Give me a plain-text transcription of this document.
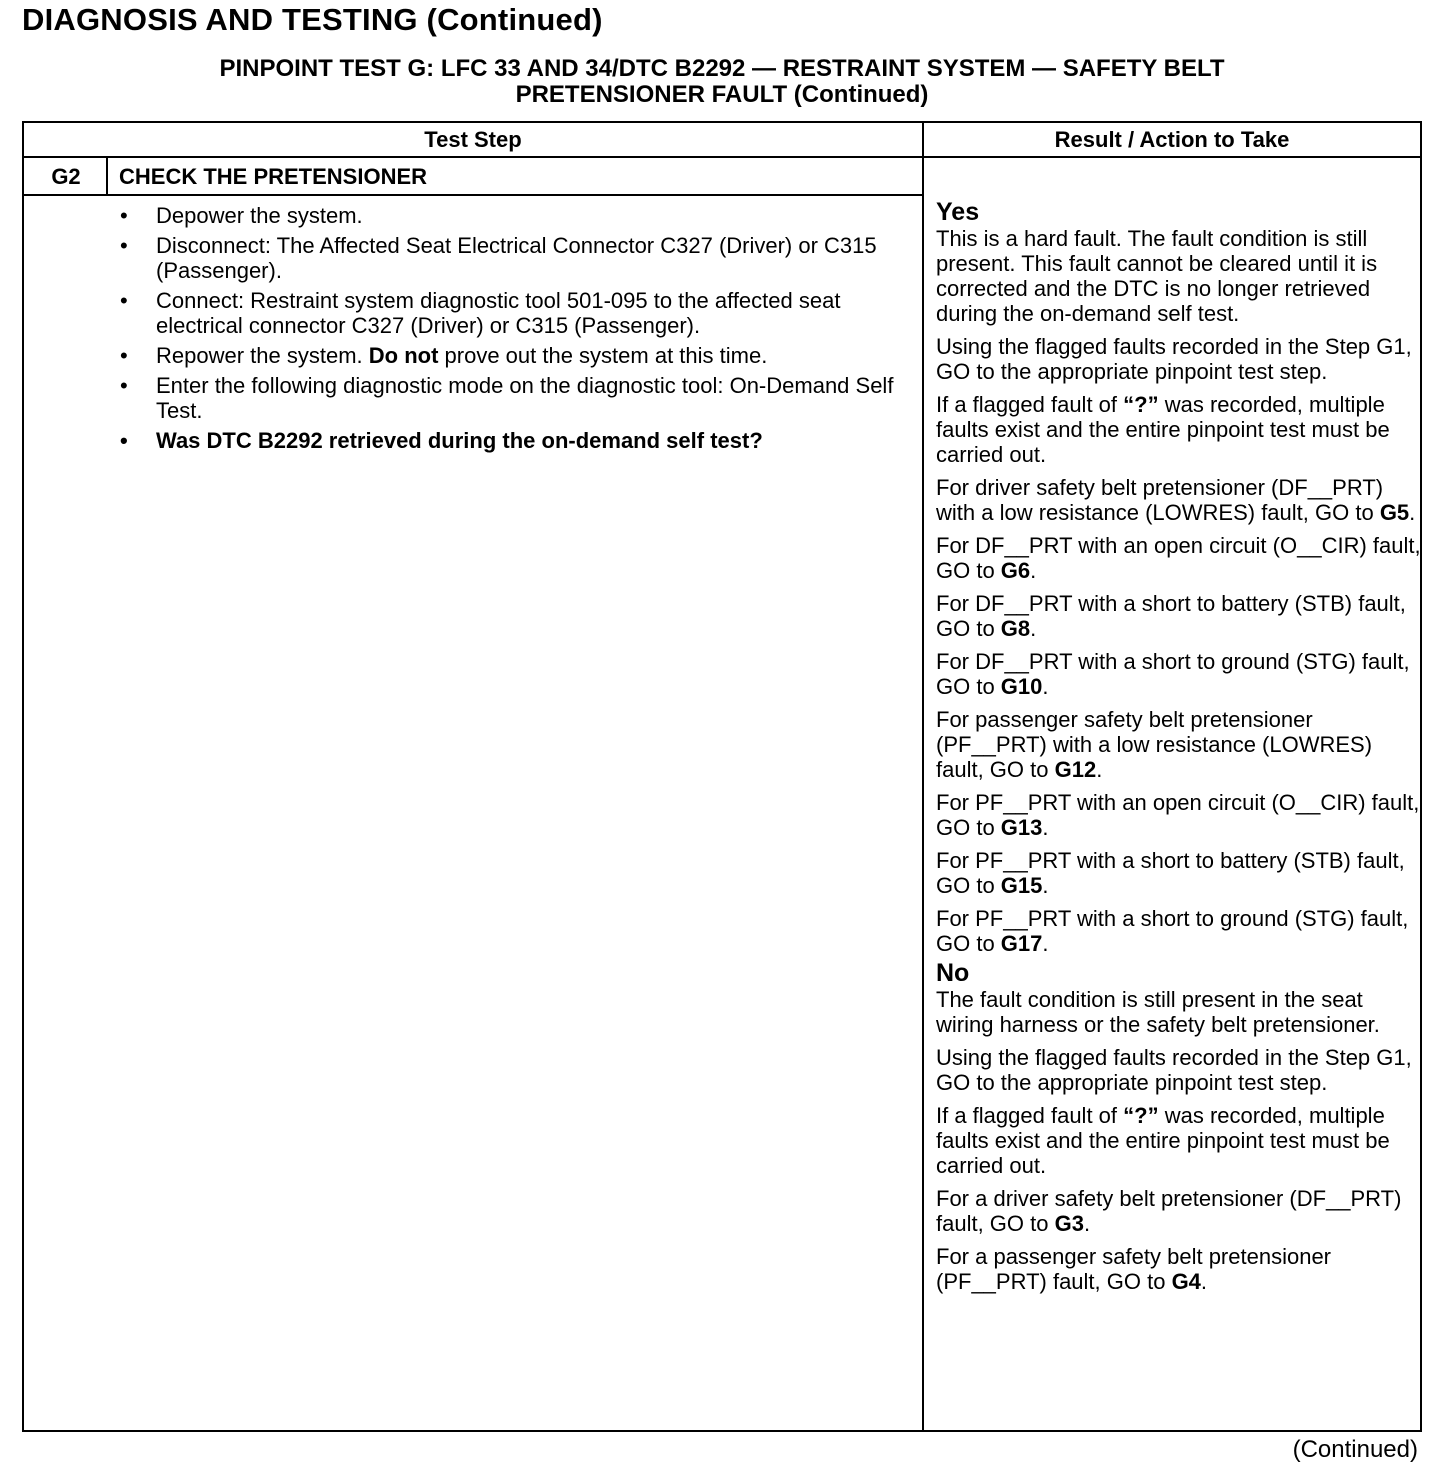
DIAGNOSIS AND TESTING (Continued)
PINPOINT TEST G: LFC 33 AND 34/DTC B2292 — RESTRAINT SYSTEM — SAFETY BELT
PRETENSIONER FAULT (Continued)
Test Step	Result / Action to Take
G2	CHECK THE PRETENSIONER
• Depower the system.
• Disconnect: The Affected Seat Electrical Connector C327 (Driver) or C315 (Passenger).
• Connect: Restraint system diagnostic tool 501-095 to the affected seat electrical connector C327 (Driver) or C315 (Passenger).
• Repower the system. Do not prove out the system at this time.
• Enter the following diagnostic mode on the diagnostic tool: On-Demand Self Test.
• Was DTC B2292 retrieved during the on-demand self test?
Yes

This is a hard fault. The fault condition is still present. This fault cannot be cleared until it is corrected and the DTC is no longer retrieved during the on-demand self test.

Using the flagged faults recorded in the Step G1, GO to the appropriate pinpoint test step.

If a flagged fault of “?” was recorded, multiple faults exist and the entire pinpoint test must be carried out.

For driver safety belt pretensioner (DF__PRT) with a low resistance (LOWRES) fault, GO to G5.

For DF__PRT with an open circuit (O__CIR) fault, GO to G6.

For DF__PRT with a short to battery (STB) fault, GO to G8.

For DF__PRT with a short to ground (STG) fault, GO to G10.

For passenger safety belt pretensioner (PF__PRT) with a low resistance (LOWRES) fault, GO to G12.

For PF__PRT with an open circuit (O__CIR) fault, GO to G13.

For PF__PRT with a short to battery (STB) fault, GO to G15.

For PF__PRT with a short to ground (STG) fault, GO to G17.

No

The fault condition is still present in the seat wiring harness or the safety belt pretensioner.

Using the flagged faults recorded in the Step G1, GO to the appropriate pinpoint test step.

If a flagged fault of “?” was recorded, multiple faults exist and the entire pinpoint test must be carried out.

For a driver safety belt pretensioner (DF__PRT) fault, GO to G3.

For a passenger safety belt pretensioner (PF__PRT) fault, GO to G4.

(Continued)
